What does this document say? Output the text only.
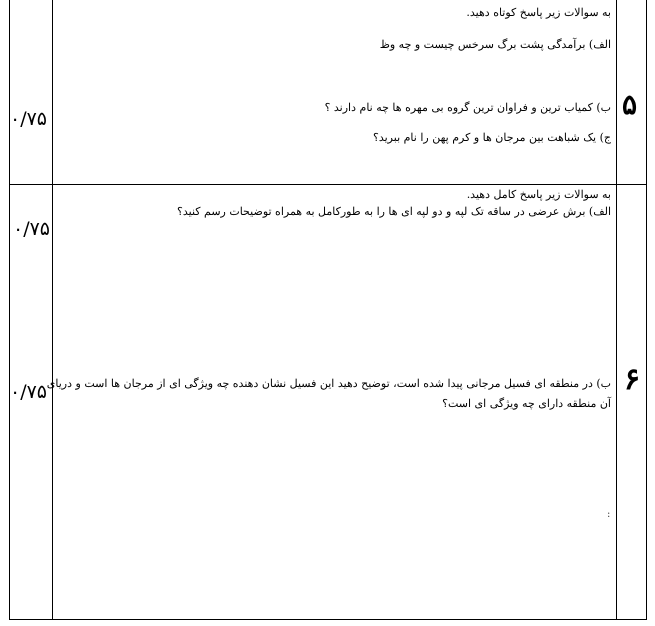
به سوالات زیر پاسخ کوتاه دهید.
الف) برآمدگی پشت برگ سرخس چیست و چه وظ
ب) کمیاب ترین و فراوان ترین گروه بی مهره ها چه نام دارند ؟
ج) یک شباهت بین مرجان ها و کرم پهن را نام ببرید؟
۵
۰/۷۵
به سوالات زیر پاسخ کامل دهید.
الف) برش عرضی در ساقه تک لپه و دو لپه ای ها را به طورکامل به همراه توضیحات رسم کنید؟
ب) در منطقه ای فسیل مرجانی پیدا شده است، توضیح دهید این فسیل نشان دهنده چه ویژگی ای از مرجان ها است و دریای
آن منطقه دارای چه ویژگی ای است؟
۶
۰/۷۵
۰/۷۵
:
